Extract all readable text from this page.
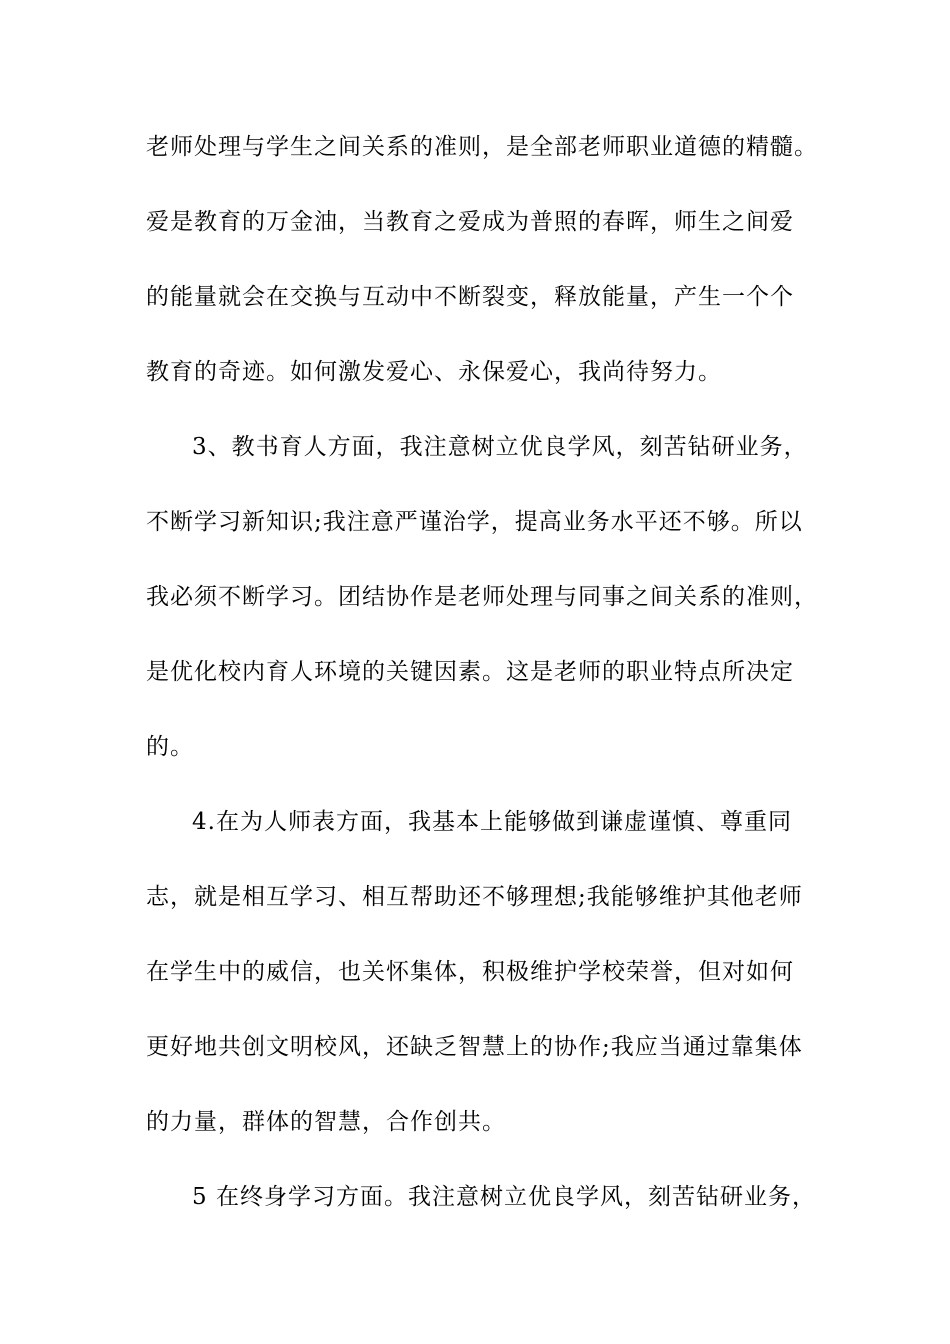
老师处理与学生之间关系的准则，是全部老师职业道德的精髓。
爱是教育的万金油，当教育之爱成为普照的春晖，师生之间爱
的能量就会在交换与互动中不断裂变，释放能量，产生一个个
教育的奇迹。如何激发爱心、永保爱心，我尚待努力。
3、教书育人方面，我注意树立优良学风，刻苦钻研业务，
不断学习新知识;我注意严谨治学，提高业务水平还不够。所以
我必须不断学习。团结协作是老师处理与同事之间关系的准则，
是优化校内育人环境的关键因素。这是老师的职业特点所决定
的。
4.在为人师表方面，我基本上能够做到谦虚谨慎、尊重同
志，就是相互学习、相互帮助还不够理想;我能够维护其他老师
在学生中的威信，也关怀集体，积极维护学校荣誉，但对如何
更好地共创文明校风，还缺乏智慧上的协作;我应当通过靠集体
的力量，群体的智慧，合作创共。
5 在终身学习方面。我注意树立优良学风，刻苦钻研业务，
